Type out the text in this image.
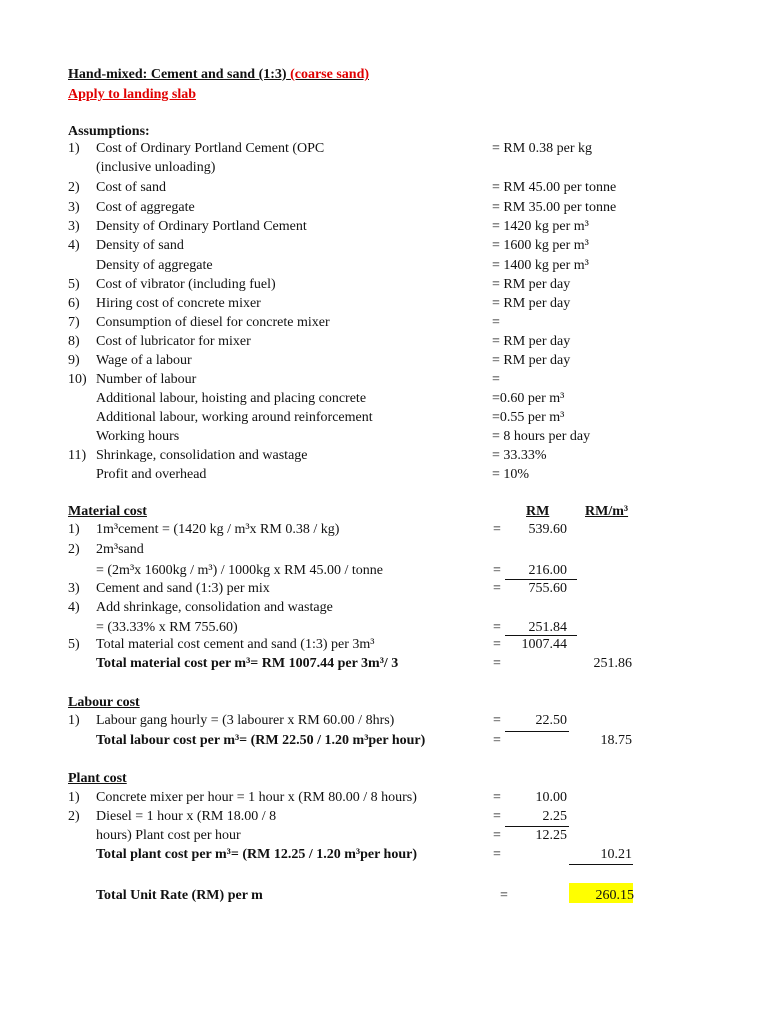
Hand-mixed: Cement and sand (1:3) (coarse sand)
Apply to landing slab
Assumptions:
1) Cost of Ordinary Portland Cement (OPC	= RM 0.38 per kg
(inclusive unloading)
2) Cost of sand	= RM 45.00 per tonne
3) Cost of aggregate	= RM 35.00 per tonne
3) Density of Ordinary Portland Cement	= 1420 kg per m³
4) Density of sand	= 1600 kg per m³
Density of aggregate	= 1400 kg per m³
5) Cost of vibrator (including fuel)	= RM per day
6) Hiring cost of concrete mixer	= RM per day
7) Consumption of diesel for concrete mixer	=
8) Cost of lubricator for mixer	= RM per day
9) Wage of a labour	= RM per day
10) Number of labour	=
Additional labour, hoisting and placing concrete	=0.60 per m³
Additional labour, working around reinforcement	=0.55 per m³
Working hours	= 8 hours per day
11) Shrinkage, consolidation and wastage	= 33.33%
Profit and overhead	= 10%
Material cost	RM	RM/m³
1) 1m³cement = (1420 kg / m³x RM 0.38 / kg)	=	539.60
2) 2m³sand
= (2m³x 1600kg / m³) / 1000kg x RM 45.00 / tonne	=	216.00
3) Cement and sand (1:3) per mix	=	755.60
4) Add shrinkage, consolidation and wastage
= (33.33% x RM 755.60)	=	251.84
5) Total material cost cement and sand (1:3) per 3m³	=	1007.44
Total material cost per m³= RM 1007.44 per 3m³/ 3	=	251.86
Labour cost
1) Labour gang hourly = (3 labourer x RM 60.00 / 8hrs)	=	22.50
Total labour cost per m³= (RM 22.50 / 1.20 m³per hour)	=	18.75
Plant cost
1) Concrete mixer per hour = 1 hour x (RM 80.00 / 8 hours)	=	10.00
2) Diesel = 1 hour x (RM 18.00 / 8	=	2.25
hours) Plant cost per hour	=	12.25
Total plant cost per m³= (RM 12.25 / 1.20 m³per hour)	=	10.21
Total Unit Rate (RM) per m	=	260.15
